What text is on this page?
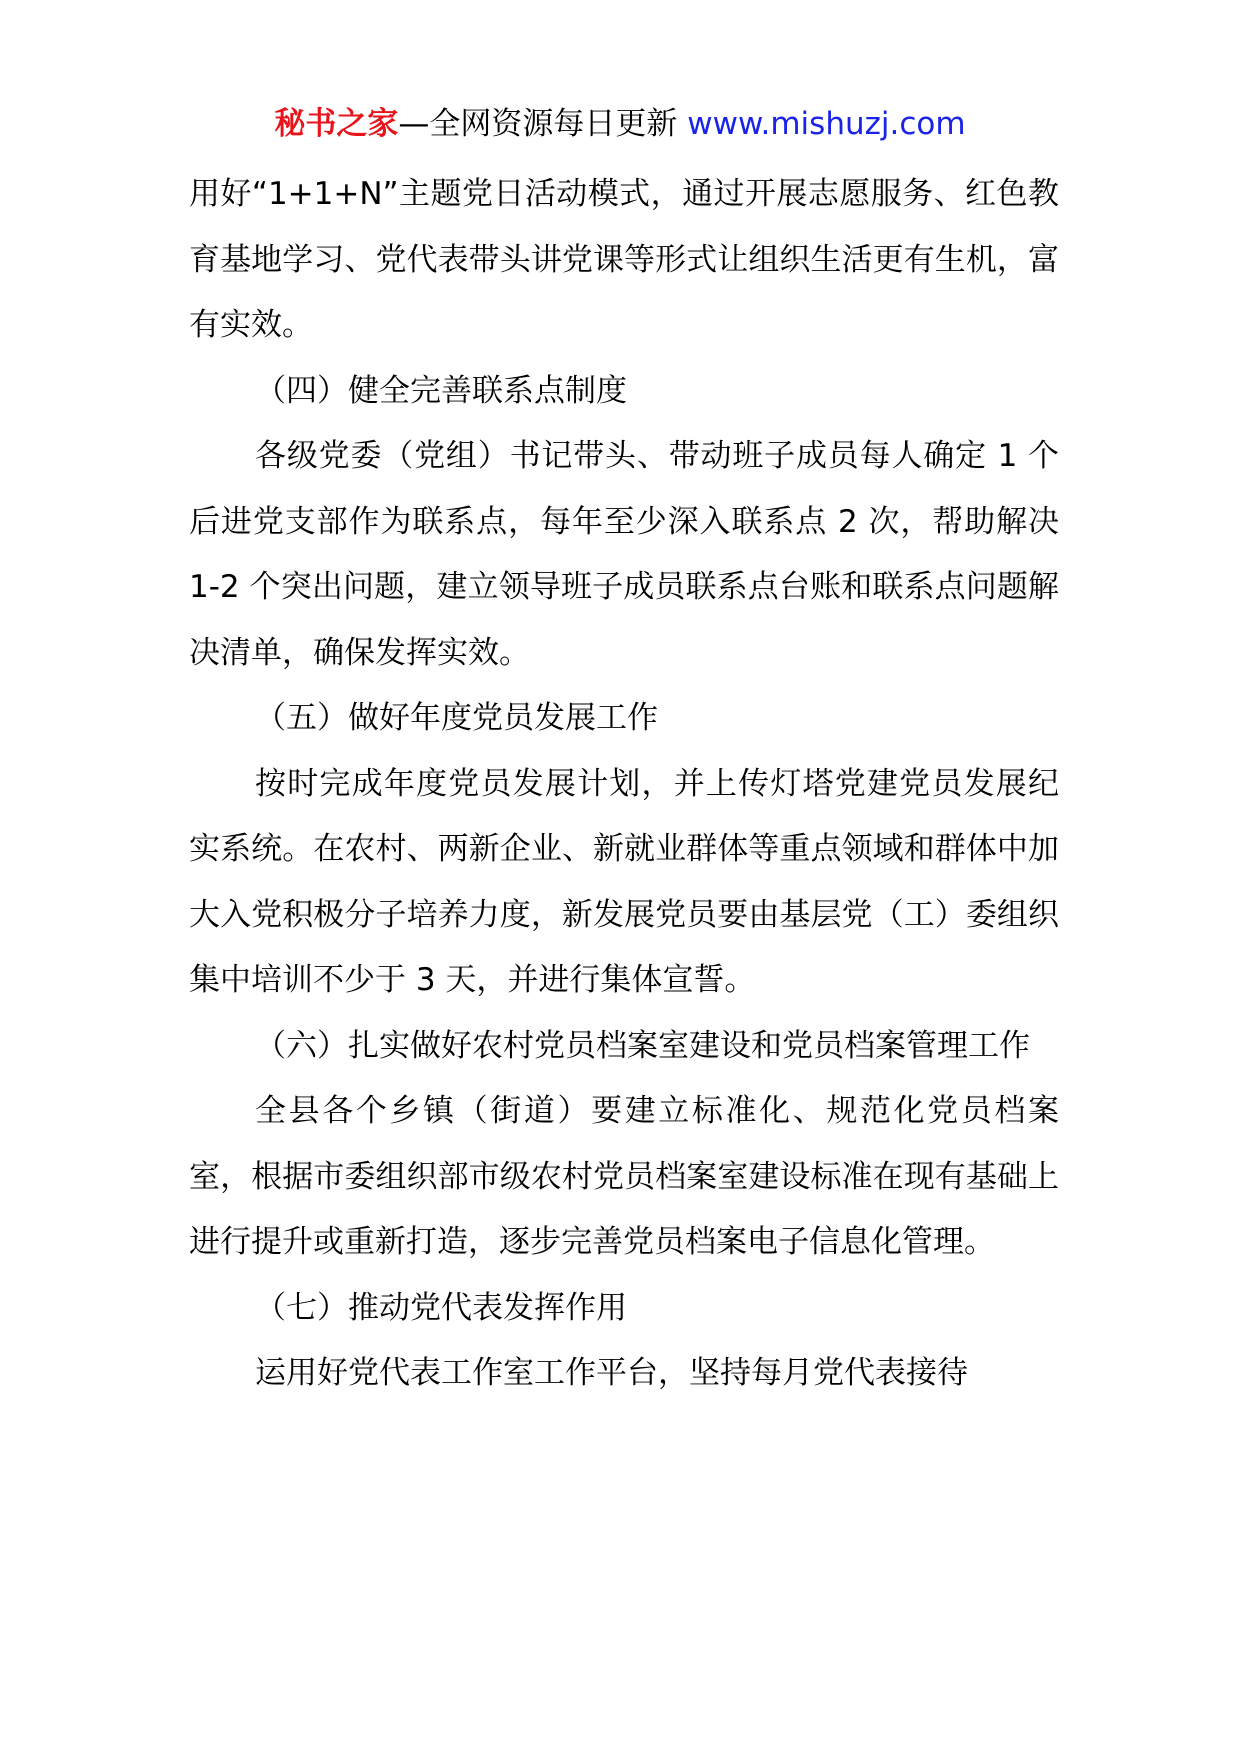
秘书之家—全网资源每日更新 www.mishuzj.com

用好“1+1+N”主题党日活动模式，通过开展志愿服务、红色教育基地学习、党代表带头讲党课等形式让组织生活更有生机，富有实效。

（四）健全完善联系点制度

各级党委（党组）书记带头、带动班子成员每人确定 1 个后进党支部作为联系点，每年至少深入联系点 2 次，帮助解决 1-2 个突出问题，建立领导班子成员联系点台账和联系点问题解决清单，确保发挥实效。

（五）做好年度党员发展工作

按时完成年度党员发展计划，并上传灯塔党建党员发展纪实系统。在农村、两新企业、新就业群体等重点领域和群体中加大入党积极分子培养力度，新发展党员要由基层党（工）委组织集中培训不少于 3 天，并进行集体宣誓。

（六）扎实做好农村党员档案室建设和党员档案管理工作

全县各个乡镇（街道）要建立标准化、规范化党员档案室，根据市委组织部市级农村党员档案室建设标准在现有基础上进行提升或重新打造，逐步完善党员档案电子信息化管理。

（七）推动党代表发挥作用

运用好党代表工作室工作平台，坚持每月党代表接待
